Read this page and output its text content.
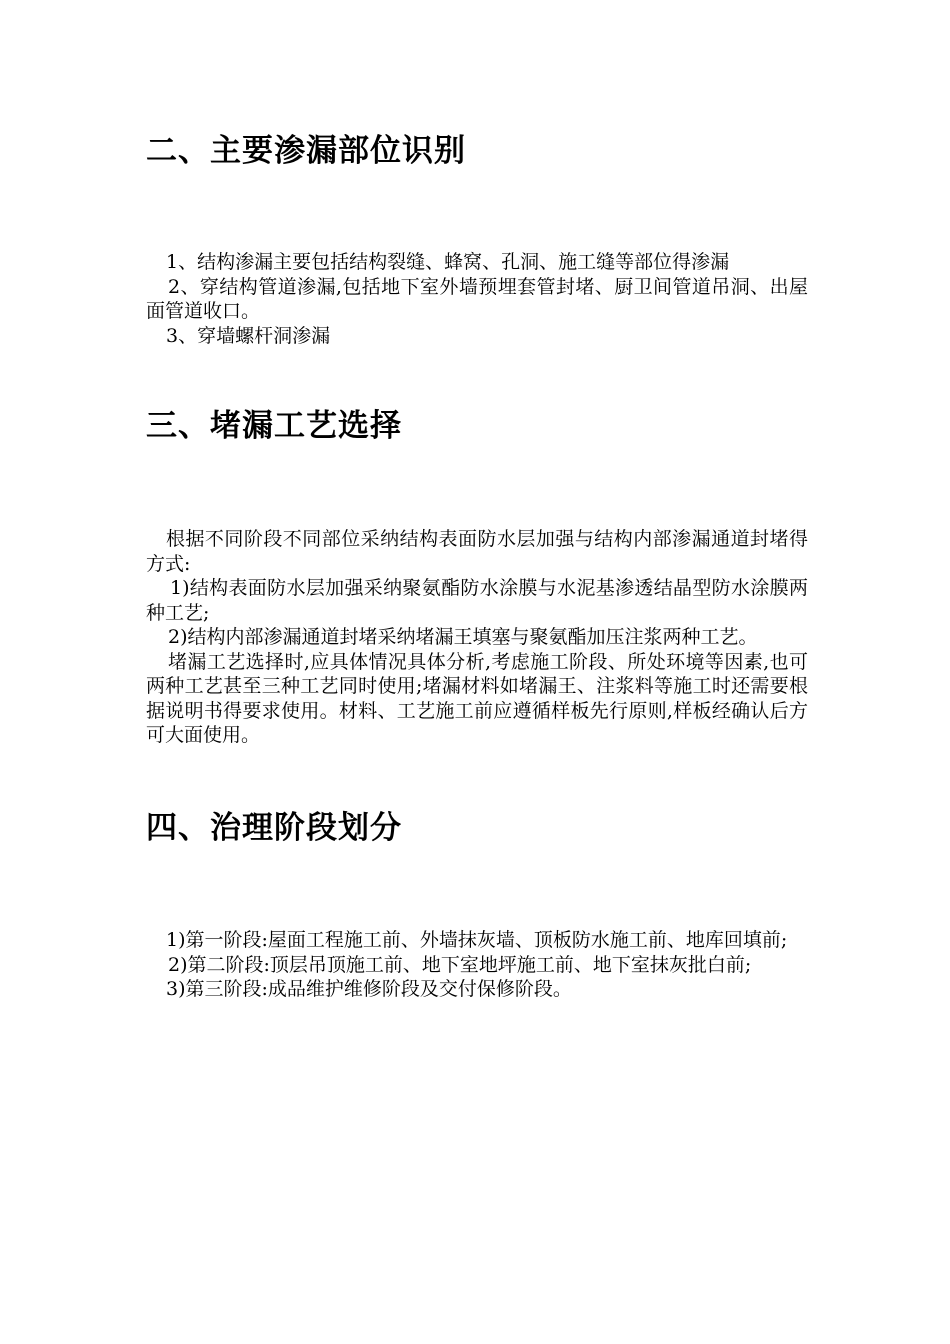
二、主要渗漏部位识别

1、结构渗漏主要包括结构裂缝、蜂窝、孔洞、施工缝等部位得渗漏

2、穿结构管道渗漏,包括地下室外墙预埋套管封堵、厨卫间管道吊洞、出屋面管道收口。

3、穿墙螺杆洞渗漏

三、堵漏工艺选择

根据不同阶段不同部位采纳结构表面防水层加强与结构内部渗漏通道封堵得方式:

1)结构表面防水层加强采纳聚氨酯防水涂膜与水泥基渗透结晶型防水涂膜两种工艺;

2)结构内部渗漏通道封堵采纳堵漏王填塞与聚氨酯加压注浆两种工艺。

堵漏工艺选择时,应具体情况具体分析,考虑施工阶段、所处环境等因素,也可两种工艺甚至三种工艺同时使用;堵漏材料如堵漏王、注浆料等施工时还需要根据说明书得要求使用。材料、工艺施工前应遵循样板先行原则,样板经确认后方可大面使用。

四、治理阶段划分

1)第一阶段:屋面工程施工前、外墙抹灰墙、顶板防水施工前、地库回填前;

2)第二阶段:顶层吊顶施工前、地下室地坪施工前、地下室抹灰批白前;

3)第三阶段:成品维护维修阶段及交付保修阶段。
